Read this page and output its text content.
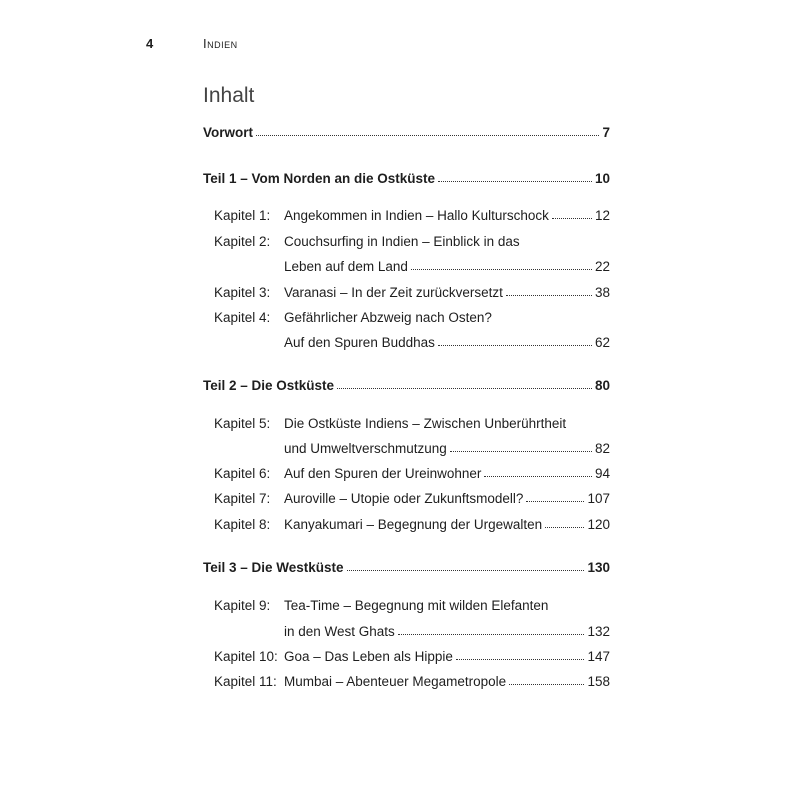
4	Indien
Inhalt
Vorwort	7
Teil 1 – Vom Norden an die Ostküste	10
Kapitel 1: Angekommen in Indien – Hallo Kulturschock	12
Kapitel 2: Couchsurfing in Indien – Einblick in das
Leben auf dem Land	22
Kapitel 3: Varanasi – In der Zeit zurückversetzt	38
Kapitel 4: Gefährlicher Abzweig nach Osten?
Auf den Spuren Buddhas	62
Teil 2 – Die Ostküste	80
Kapitel 5: Die Ostküste Indiens – Zwischen Unberührtheit
und Umweltverschmutzung	82
Kapitel 6: Auf den Spuren der Ureinwohner	94
Kapitel 7: Auroville – Utopie oder Zukunftsmodell?	107
Kapitel 8: Kanyakumari – Begegnung der Urgewalten	120
Teil 3 – Die Westküste	130
Kapitel 9: Tea-Time – Begegnung mit wilden Elefanten
in den West Ghats	132
Kapitel 10: Goa – Das Leben als Hippie	147
Kapitel 11: Mumbai – Abenteuer Megametropole	158
